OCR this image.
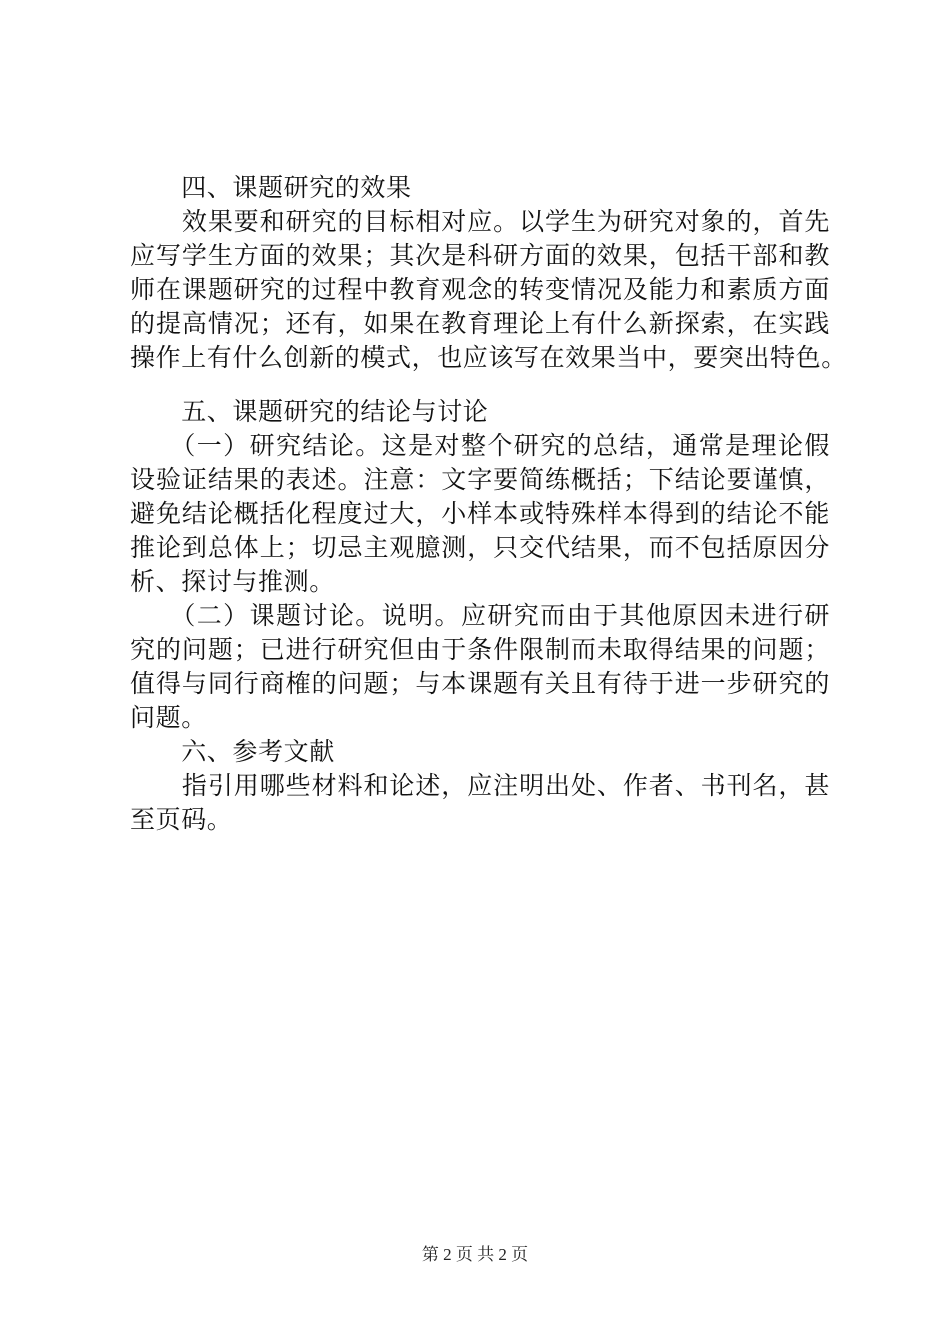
　　四、课题研究的效果
　　效果要和研究的目标相对应。以学生为研究对象的，首先
应写学生方面的效果；其次是科研方面的效果，包括干部和教
师在课题研究的过程中教育观念的转变情况及能力和素质方面
的提高情况；还有，如果在教育理论上有什么新探索，在实践
操作上有什么创新的模式，也应该写在效果当中，要突出特色。
　　五、课题研究的结论与讨论
　　（一）研究结论。这是对整个研究的总结，通常是理论假
设验证结果的表述。注意：文字要简练概括；下结论要谨慎，
避免结论概括化程度过大，小样本或特殊样本得到的结论不能
推论到总体上；切忌主观臆测，只交代结果，而不包括原因分
析、探讨与推测。
　　（二）课题讨论。说明。应研究而由于其他原因未进行研
究的问题；已进行研究但由于条件限制而未取得结果的问题；
值得与同行商榷的问题；与本课题有关且有待于进一步研究的
问题。
　　六、参考文献
　　指引用哪些材料和论述，应注明出处、作者、书刊名，甚
至页码。
第 2 页 共 2 页
